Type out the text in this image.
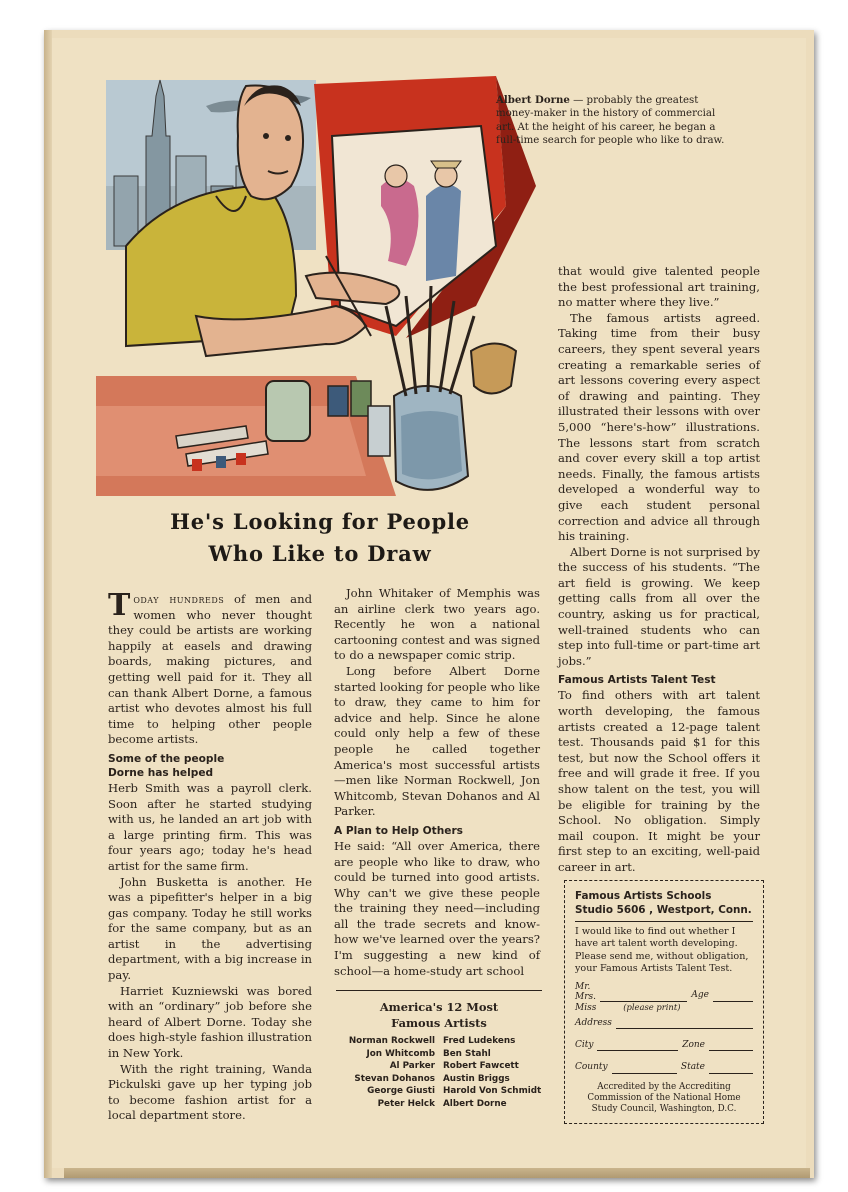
Albert Dorne — probably the greatest money-maker in the history of commercial art. At the height of his career, he began a full-time search for people who like to draw.
He's Looking for People
Who Like to Draw

Today hundreds of men and women who never thought they could be artists are working happily at easels and drawing boards, making pictures, and getting well paid for it. They all can thank Albert Dorne, a famous artist who devotes almost his full time to helping other people become artists.

Some of the people
Dorne has helped

Herb Smith was a payroll clerk. Soon after he started studying with us, he landed an art job with a large printing firm. This was four years ago; today he's head artist for the same firm.

John Busketta is another. He was a pipefitter's helper in a big gas company. Today he still works for the same company, but as an artist in the advertising department, with a big increase in pay.

Harriet Kuzniewski was bored with an “ordinary” job before she heard of Albert Dorne. Today she does high-style fashion illustration in New York.

With the right training, Wanda Pickulski gave up her typing job to become fashion artist for a local department store.

John Whitaker of Memphis was an airline clerk two years ago. Recently he won a national cartooning contest and was signed to do a newspaper comic strip.

Long before Albert Dorne started looking for people who like to draw, they came to him for advice and help. Since he alone could only help a few of these people he called together America's most successful artists —men like Norman Rockwell, Jon Whitcomb, Stevan Dohanos and Al Parker.

A Plan to Help Others

He said: “All over America, there are people who like to draw, who could be turned into good artists. Why can't we give these people the training they need—including all the trade secrets and know-how we've learned over the years? I'm suggesting a new kind of school—a home-study art school

America's 12 Most
Famous Artists
Norman Rockwell Fred Ludekens
Jon Whitcomb Ben Stahl
Al Parker Robert Fawcett
Stevan Dohanos Austin Briggs
George Giusti Harold Von Schmidt
Peter Helck Albert Dorne

that would give talented people the best professional art training, no matter where they live.”

The famous artists agreed. Taking time from their busy careers, they spent several years creating a remarkable series of art lessons covering every aspect of drawing and painting. They illustrated their lessons with over 5,000 “here's-how” illustrations. The lessons start from scratch and cover every skill a top artist needs. Finally, the famous artists developed a wonderful way to give each student personal correction and advice all through his training.

Albert Dorne is not surprised by the success of his students. “The art field is growing. We keep getting calls from all over the country, asking us for practical, well-trained students who can step into full-time or part-time art jobs.”

Famous Artists Talent Test

To find others with art talent worth developing, the famous artists created a 12-page talent test. Thousands paid $1 for this test, but now the School offers it free and will grade it free. If you show talent on the test, you will be eligible for training by the School. No obligation. Simply mail coupon. It might be your first step to an exciting, well-paid career in art.

Famous Artists Schools
Studio 5606 , Westport, Conn.
I would like to find out whether I have art talent worth developing. Please send me, without obligation, your Famous Artists Talent Test.
Mr.
Mrs.	Age
Miss	(please print)
Address
City	Zone
County	State
Accredited by the Accrediting Commission of the National Home Study Council, Washington, D.C.
